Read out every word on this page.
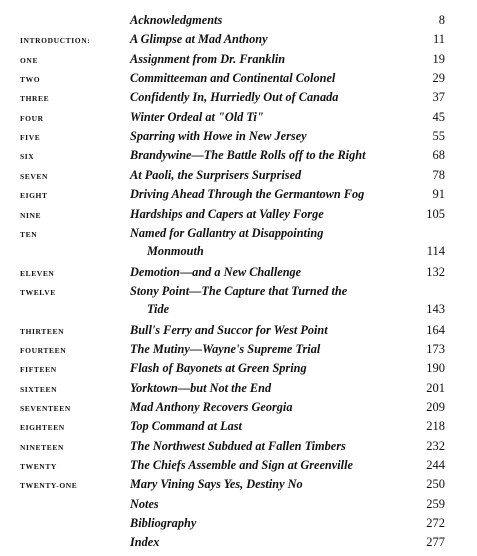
Acknowledgments	8
INTRODUCTION:	A Glimpse at Mad Anthony	11
ONE	Assignment from Dr. Franklin	19
TWO	Committeeman and Continental Colonel	29
THREE	Confidently In, Hurriedly Out of Canada	37
FOUR	Winter Ordeal at "Old Ti"	45
FIVE	Sparring with Howe in New Jersey	55
SIX	Brandywine—The Battle Rolls off to the Right	68
SEVEN	At Paoli, the Surprisers Surprised	78
EIGHT	Driving Ahead Through the Germantown Fog	91
NINE	Hardships and Capers at Valley Forge	105
TEN	Named for Gallantry at Disappointing
Monmouth	114
ELEVEN	Demotion—and a New Challenge	132
TWELVE	Stony Point—The Capture that Turned the
Tide	143
THIRTEEN	Bull's Ferry and Succor for West Point	164
FOURTEEN	The Mutiny—Wayne's Supreme Trial	173
FIFTEEN	Flash of Bayonets at Green Spring	190
SIXTEEN	Yorktown—but Not the End	201
SEVENTEEN	Mad Anthony Recovers Georgia	209
EIGHTEEN	Top Command at Last	218
NINETEEN	The Northwest Subdued at Fallen Timbers	232
TWENTY	The Chiefs Assemble and Sign at Greenville	244
TWENTY-ONE	Mary Vining Says Yes, Destiny No	250
Notes	259
Bibliography	272
Index	277
